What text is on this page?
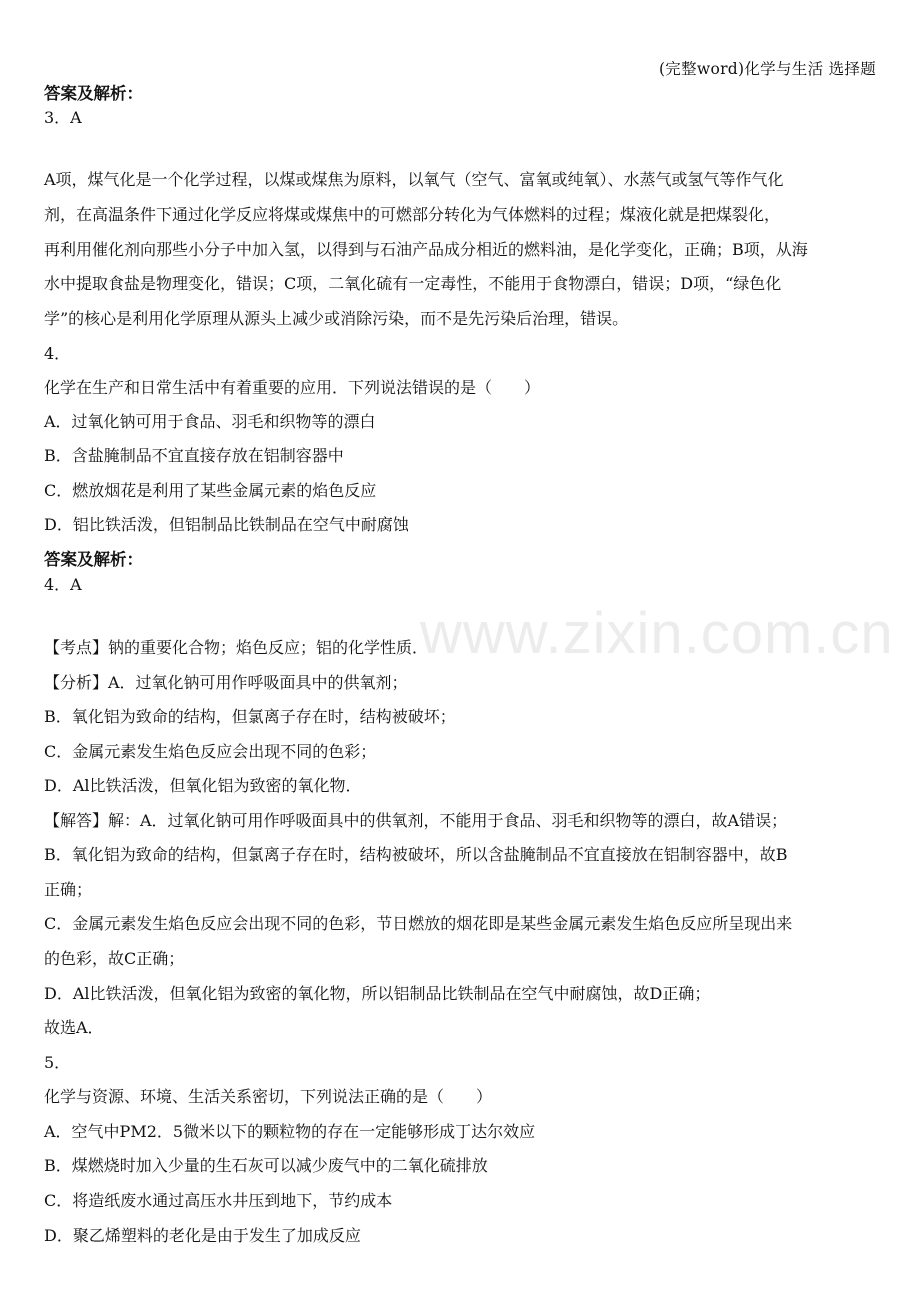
(完整word)化学与生活 选择题
www.zixin.com.cn
答案及解析：
3．A
A项，煤气化是一个化学过程，以煤或煤焦为原料，以氧气（空气、富氧或纯氧）、水蒸气或氢气等作气化
剂，在高温条件下通过化学反应将煤或煤焦中的可燃部分转化为气体燃料的过程；煤液化就是把煤裂化，
再利用催化剂向那些小分子中加入氢，以得到与石油产品成分相近的燃料油，是化学变化，正确；B项，从海
水中提取食盐是物理变化，错误；C项，二氧化硫有一定毒性，不能用于食物漂白，错误；D项，“绿色化
学”的核心是利用化学原理从源头上减少或消除污染，而不是先污染后治理，错误。
4．
化学在生产和日常生活中有着重要的应用．下列说法错误的是（　　）
A．过氧化钠可用于食品、羽毛和织物等的漂白
B．含盐腌制品不宜直接存放在铝制容器中
C．燃放烟花是利用了某些金属元素的焰色反应
D．铝比铁活泼，但铝制品比铁制品在空气中耐腐蚀
答案及解析：
4．A
【考点】钠的重要化合物；焰色反应；铝的化学性质．
【分析】A．过氧化钠可用作呼吸面具中的供氧剂；
B．氧化铝为致命的结构，但氯离子存在时，结构被破坏；
C．金属元素发生焰色反应会出现不同的色彩；
D．Al比铁活泼，但氧化铝为致密的氧化物．
【解答】解：A．过氧化钠可用作呼吸面具中的供氧剂，不能用于食品、羽毛和织物等的漂白，故A错误；
B．氧化铝为致命的结构，但氯离子存在时，结构被破坏，所以含盐腌制品不宜直接放在铝制容器中，故B
正确；
C．金属元素发生焰色反应会出现不同的色彩，节日燃放的烟花即是某些金属元素发生焰色反应所呈现出来
的色彩，故C正确；
D．Al比铁活泼，但氧化铝为致密的氧化物，所以铝制品比铁制品在空气中耐腐蚀，故D正确；
故选A．
5．
化学与资源、环境、生活关系密切，下列说法正确的是（　　）
A．空气中PM2．5微米以下的颗粒物的存在一定能够形成丁达尔效应
B．煤燃烧时加入少量的生石灰可以减少废气中的二氧化硫排放
C．将造纸废水通过高压水井压到地下，节约成本
D．聚乙烯塑料的老化是由于发生了加成反应
